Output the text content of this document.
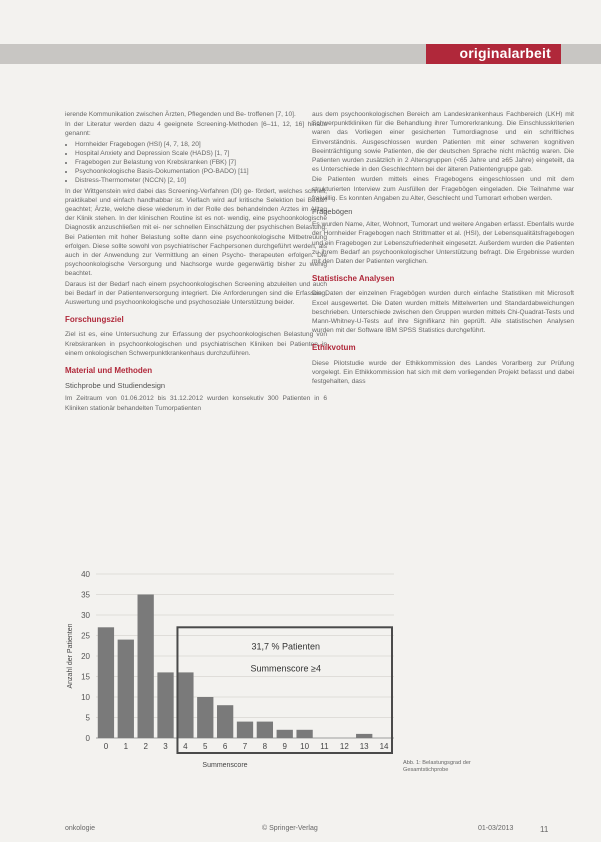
originalarbeit

ierende Kommunikation zwischen Ärzten, Pflegenden und Be- troffenen [7, 10].

In der Literatur werden dazu 4 geeignete Screening-Methoden [6–11, 12, 16] hinaus genannt:

• Hornheider Fragebogen (HSI) [4, 7, 18, 20]
• Hospital Anxiety and Depression Scale (HADS) [1, 7]
• Fragebogen zur Belastung von Krebskranken (FBK) [7]
• Psychoonkologische Basis-Dokumentation (PO-BADO) [11]
• Distress-Thermometer (NCCN) [2, 10]

In der Wittgenstein wird dabei das Screening-Verfahren (DI) ge- fördert, welches schnell, praktikabel und einfach handhabbar ist. Vielfach wird auf kritische Selektion bei Bedarf geachtet; Ärzte, welche diese wiederum in der Rolle des behandelnden Arztes im Alltag der Klinik stehen. In der klinischen Routine ist es not- wendig, eine psychoonkologische Diagnostik anzuschließen mit ei- ner schnellen Einschätzung der psychischen Belastung. Bei Patienten mit hoher Belastung sollte dann eine psychoonkologische Mitbetreuung erfolgen. Diese sollte sowohl von psychiatrischer Fachpersonen durchgeführt werden, als auch in der Anwendung zur Vermittlung an einen Psycho- therapeuten erfolgen. Die psychoonkologische Versorgung und Nachsorge wurde gegenwärtig bisher zu wenig beachtet.

Daraus ist der Bedarf nach einem psychoonkologischen Screening abzuleiten und auch bei Bedarf in der Patientenversorgung integriert. Die Anforderungen sind die Erfassung, Auswertung und psychoonkologische und psychosoziale Unterstützung beider.

Forschungsziel

Ziel ist es, eine Untersuchung zur Erfassung der psychoonkologischen Belastung von Krebskranken in psychoonkologischen und psychiatrischen Kliniken bei Patienten in einem onkologischen Schwerpunktkrankenhaus durchzuführen.

Material und Methoden
Stichprobe und Studiendesign

Im Zeitraum von 01.06.2012 bis 31.12.2012 wurden konsekutiv 300 Patienten in 6 Kliniken stationär behandelten Tumorpatienten

aus dem psychoonkologischen Bereich am Landeskrankenhaus Fachbereich (LKH) mit Schwerpunktkliniken für die Behandlung ihrer Tumorerkrankung. Die Einschlusskriterien waren das Vorliegen einer gesicherten Tumordiagnose und ein schriftliches Einverständnis. Ausgeschlossen wurden Patienten mit einer schweren kognitiven Beeinträchtigung sowie Patienten, die der deutschen Sprache nicht mächtig waren. Die Patienten wurden zusätzlich in 2 Altersgruppen (<65 Jahre und ≥65 Jahre) eingeteilt, da es Unterschiede in den Geschlechtern bei der älteren Patientengruppe gab.

Die Patienten wurden mittels eines Fragebogens eingeschlossen und mit dem strukturierten Interview zum Ausfüllen der Fragebögen eingeladen. Die Teilnahme war freiwillig. Es konnten Angaben zu Alter, Geschlecht und Tumorart erhoben werden.

Fragebögen

Es wurden Name, Alter, Wohnort, Tumorart und weitere Angaben erfasst. Ebenfalls wurde der Hornheider Fragebogen nach Strittmatter et al. (HSI), der Lebensqualitätsfragebogen und ein Fragebogen zur Lebenszufriedenheit eingesetzt. Außerdem wurden die Patienten zu ihrem Bedarf an psychoonkologischer Unterstützung befragt. Die Ergebnisse wurden mit den Daten der Patienten verglichen.

Statistische Analysen

Die Daten der einzelnen Fragebögen wurden durch einfache Statistiken mit Microsoft Excel ausgewertet. Die Daten wurden mittels Mittelwerten und Standardabweichungen beschrieben. Unterschiede zwischen den Gruppen wurden mittels Chi-Quadrat-Tests und Mann-Whitney-U-Tests auf ihre Signifikanz hin geprüft. Alle statistischen Analysen wurden mit der Software IBM SPSS Statistics durchgeführt.

Ethikvotum

Diese Pilotstudie wurde der Ethikkommission des Landes Vorarlberg zur Prüfung vorgelegt. Ein Ethikkommission hat sich mit dem vorliegenden Projekt befasst und dabei festgehalten, dass

0
5
10
15
20
25
30
35
40
0 1 2 3 4 5 6 7 8 9 10 11 12 13 14
31,7 % Patienten
Summenscore ≥4
Summenscore
Anzahl der Patienten
Abb. 1: Belastungsgrad der Gesamtstichprobe
onkologie	© Springer-Verlag	01-03/2013	11
